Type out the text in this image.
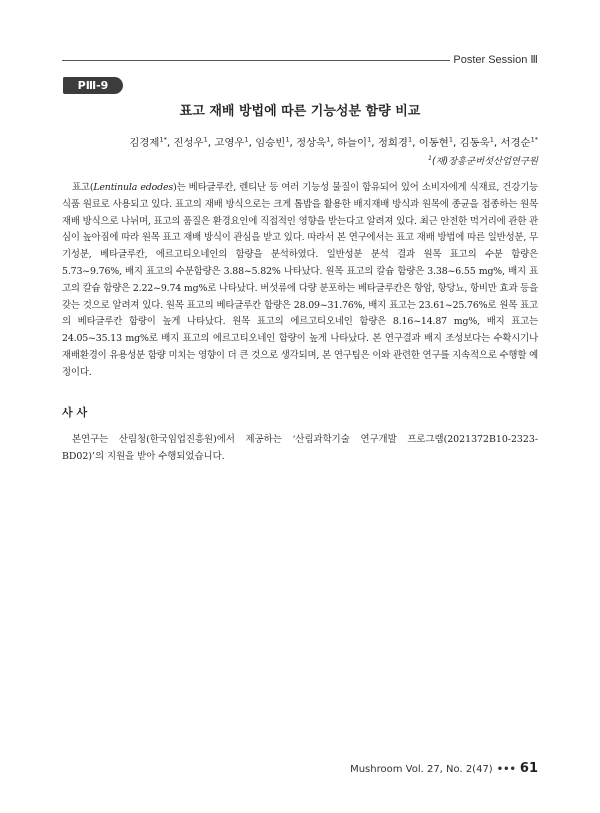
Poster Session Ⅲ
PⅢ-9
표고 재배 방법에 따른 기능성분 함량 비교
김경제$^{1*}$, 진성우$^1$, 고영우$^1$, 임승빈$^1$, 정상욱$^1$, 하늘이$^1$, 정희경$^1$, 이동현$^1$, 김동욱$^1$, 서경순$^{1*}$
$^1$(재)장흥군버섯산업연구원

표고(Lentinula edodes)는 베타글루칸, 렌티난 등 여러 기능성 물질이 함유되어 있어 소비자에게 식재료, 건강기능식품 원료로 사용되고 있다. 표고의 재배 방식으로는 크게 톱밥을 활용한 배지재배 방식과 원목에 종균을 접종하는 원목재배 방식으로 나뉘며, 표고의 품질은 환경요인에 직접적인 영향을 받는다고 알려져 있다. 최근 안전한 먹거리에 관한 관심이 높아짐에 따라 원목 표고 재배 방식이 관심을 받고 있다. 따라서 본 연구에서는 표고 재배 방법에 따른 일반성분, 무기성분, 베타글루칸, 에르고티오네인의 함량을 분석하였다. 일반성분 분석 결과 원목 표고의 수분 함량은 5.73~9.76%, 배지 표고의 수분함량은 3.88~5.82% 나타났다. 원목 표고의 칼슘 함량은 3.38~6.55 mg%, 배지 표고의 칼슘 함량은 2.22~9.74 mg%로 나타났다. 버섯류에 다량 분포하는 베타글루칸은 항암, 항당뇨, 항비만 효과 등을 갖는 것으로 알려져 있다. 원목 표고의 베타글루칸 함량은 28.09~31.76%, 배지 표고는 23.61~25.76%로 원목 표고의 베타글루칸 함량이 높게 나타났다. 원목 표고의 에르고티오네인 함량은 8.16~14.87 mg%, 배지 표고는 24.05~35.13 mg%로 배지 표고의 에르고티오네인 함량이 높게 나타났다. 본 연구결과 배지 조성보다는 수확시기나 재배환경이 유용성분 함량 미치는 영향이 더 큰 것으로 생각되며, 본 연구팀은 이와 관련한 연구를 지속적으로 수행할 예정이다.

사 사

본연구는 산림청(한국임업진흥원)에서 제공하는 ‘산림과학기술 연구개발 프로그램(2021372B10-2323-BD02)’의 지원을 받아 수행되었습니다.

Mushroom Vol. 27, No. 2(47) ••• 61
